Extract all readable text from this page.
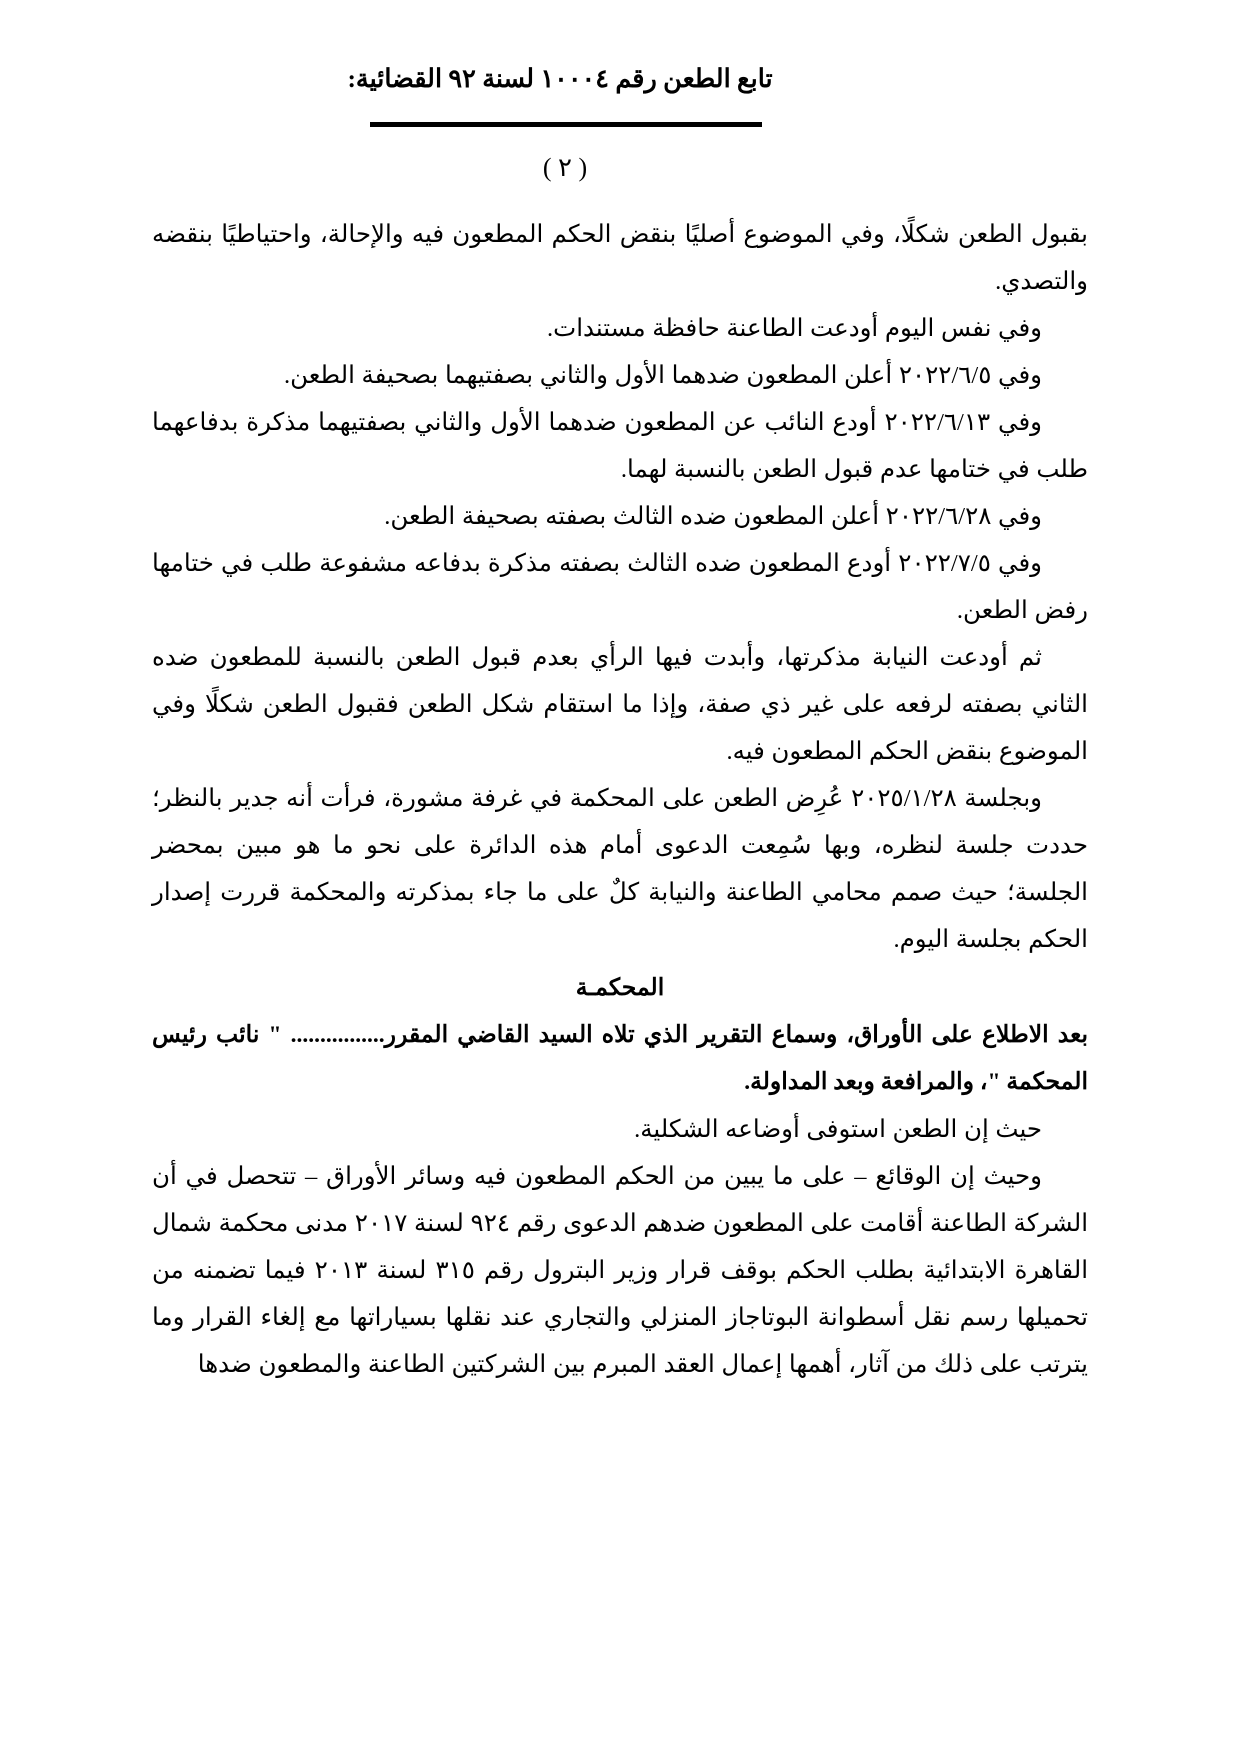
تابع الطعن رقم ١٠٠٠٤ لسنة ٩٢ القضائية:
( ٢ )

بقبول الطعن شكلًا، وفي الموضوع أصليًا بنقض الحكم المطعون فيه والإحالة، واحتياطيًا بنقضه والتصدي.

وفي نفس اليوم أودعت الطاعنة حافظة مستندات.

وفي ٢٠٢٢/٦/٥ أعلن المطعون ضدهما الأول والثاني بصفتيهما بصحيفة الطعن.

وفي ٢٠٢٢/٦/١٣ أودع النائب عن المطعون ضدهما الأول والثاني بصفتيهما مذكرة بدفاعهما طلب في ختامها عدم قبول الطعن بالنسبة لهما.

وفي ٢٠٢٢/٦/٢٨ أعلن المطعون ضده الثالث بصفته بصحيفة الطعن.

وفي ٢٠٢٢/٧/٥ أودع المطعون ضده الثالث بصفته مذكرة بدفاعه مشفوعة طلب في ختامها رفض الطعن.

ثم أودعت النيابة مذكرتها، وأبدت فيها الرأي بعدم قبول الطعن بالنسبة للمطعون ضده الثاني بصفته لرفعه على غير ذي صفة، وإذا ما استقام شكل الطعن فقبول الطعن شكلًا وفي الموضوع بنقض الحكم المطعون فيه.

وبجلسة ٢٠٢٥/١/٢٨ عُرِض الطعن على المحكمة في غرفة مشورة، فرأت أنه جدير بالنظر؛ حددت جلسة لنظره، وبها سُمِعت الدعوى أمام هذه الدائرة على نحو ما هو مبين بمحضر الجلسة؛ حيث صمم محامي الطاعنة والنيابة كلٌ على ما جاء بمذكرته والمحكمة قررت إصدار الحكم بجلسة اليوم.

المحكمـة

بعد الاطلاع على الأوراق، وسماع التقرير الذي تلاه السيد القاضي المقرر................ " نائب رئيس المحكمة "، والمرافعة وبعد المداولة.

حيث إن الطعن استوفى أوضاعه الشكلية.

وحيث إن الوقائع – على ما يبين من الحكم المطعون فيه وسائر الأوراق – تتحصل في أن الشركة الطاعنة أقامت على المطعون ضدهم الدعوى رقم ٩٢٤ لسنة ٢٠١٧ مدنى محكمة شمال القاهرة الابتدائية بطلب الحكم بوقف قرار وزير البترول رقم ٣١٥ لسنة ٢٠١٣ فيما تضمنه من تحميلها رسم نقل أسطوانة البوتاجاز المنزلي والتجاري عند نقلها بسياراتها مع إلغاء القرار وما يترتب على ذلك من آثار، أهمها إعمال العقد المبرم بين الشركتين الطاعنة والمطعون ضدها
